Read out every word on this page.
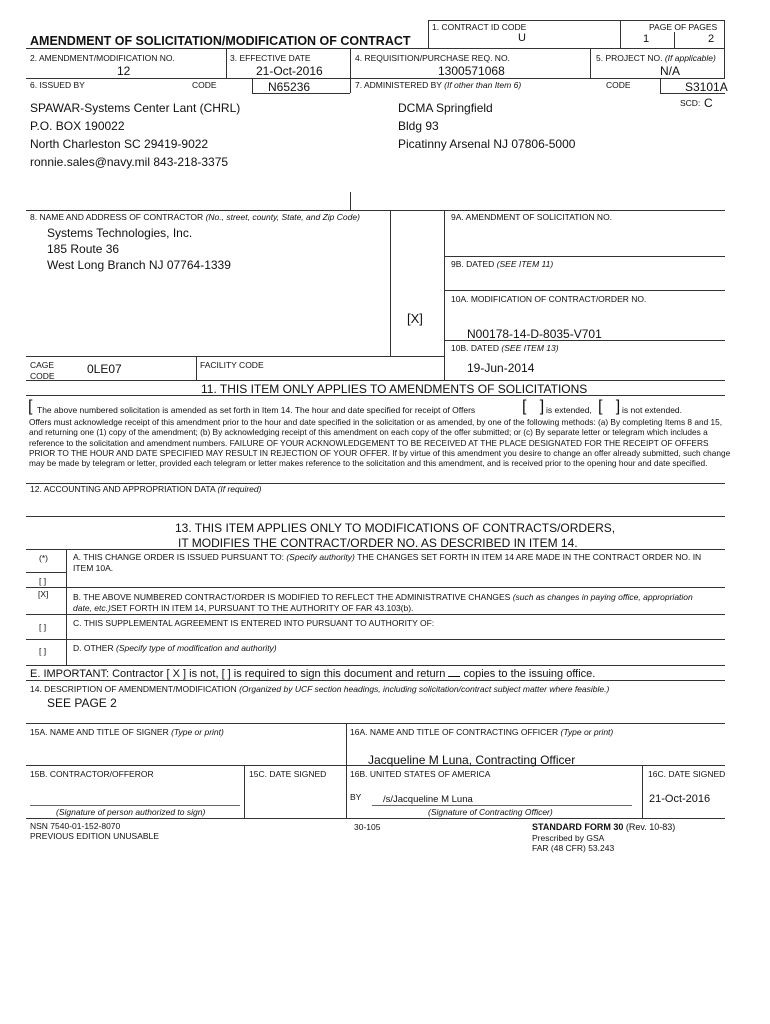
AMENDMENT OF SOLICITATION/MODIFICATION OF CONTRACT
1. CONTRACT ID CODE
U
PAGE OF PAGES
1	2
2. AMENDMENT/MODIFICATION NO.
12
3. EFFECTIVE DATE
21-Oct-2016
4. REQUISITION/PURCHASE REQ. NO.
1300571068
5. PROJECT NO. (If applicable)
N/A
6. ISSUED BY	CODE	N65236	7. ADMINISTERED BY (If other than Item 6)	CODE	S3101A
SCD: C
SPAWAR-Systems Center Lant (CHRL)
P.O. BOX 190022
North Charleston SC 29419-9022
ronnie.sales@navy.mil 843-218-3375
DCMA Springfield
Bldg 93
Picatinny Arsenal NJ 07806-5000
8. NAME AND ADDRESS OF CONTRACTOR (No., street, county, State, and Zip Code)
Systems Technologies, Inc.
185 Route 36
West Long Branch NJ 07764-1339
9A. AMENDMENT OF SOLICITATION NO.
9B. DATED (SEE ITEM 11)
10A. MODIFICATION OF CONTRACT/ORDER NO.
[X]
N00178-14-D-8035-V701
10B. DATED (SEE ITEM 13)
19-Jun-2014
CAGE
CODE	0LE07	FACILITY CODE
11. THIS ITEM ONLY APPLIES TO AMENDMENTS OF SOLICITATIONS
[ The above numbered solicitation is amended as set forth in Item 14. The hour and date specified for receipt of Offers	[   ] is extended, [   ] is not extended.
Offers must acknowledge receipt of this amendment prior to the hour and date specified in the solicitation or as amended, by one of the following methods: (a) By completing Items 8 and 15, and returning one (1) copy of the amendment; (b) By acknowledging receipt of this amendment on each copy of the offer submitted; or (c) By separate letter or telegram which includes a reference to the solicitation and amendment numbers. FAILURE OF YOUR ACKNOWLEDGEMENT TO BE RECEIVED AT THE PLACE DESIGNATED FOR THE RECEIPT OF OFFERS PRIOR TO THE HOUR AND DATE SPECIFIED MAY RESULT IN REJECTION OF YOUR OFFER. If by virtue of this amendment you desire to change an offer already submitted, such change may be made by telegram or letter, provided each telegram or letter makes reference to the solicitation and this amendment, and is received prior to the opening hour and date specified.
12. ACCOUNTING AND APPROPRIATION DATA (If required)
13. THIS ITEM APPLIES ONLY TO MODIFICATIONS OF CONTRACTS/ORDERS,
IT MODIFIES THE CONTRACT/ORDER NO. AS DESCRIBED IN ITEM 14.
(*)	A. THIS CHANGE ORDER IS ISSUED PURSUANT TO: (Specify authority) THE CHANGES SET FORTH IN ITEM 14 ARE MADE IN THE CONTRACT ORDER NO. IN
ITEM 10A.
[ ]
[X]	B. THE ABOVE NUMBERED CONTRACT/ORDER IS MODIFIED TO REFLECT THE ADMINISTRATIVE CHANGES (such as changes in paying office, appropriation
date, etc.)SET FORTH IN ITEM 14, PURSUANT TO THE AUTHORITY OF FAR 43.103(b).
[ ]	C. THIS SUPPLEMENTAL AGREEMENT IS ENTERED INTO PURSUANT TO AUTHORITY OF:
[ ]	D. OTHER (Specify type of modification and authority)
E. IMPORTANT: Contractor [ X ] is not, [ ] is required to sign this document and return copies to the issuing office.
14. DESCRIPTION OF AMENDMENT/MODIFICATION (Organized by UCF section headings, including solicitation/contract subject matter where feasible.)
SEE PAGE 2
15A. NAME AND TITLE OF SIGNER (Type or print)	16A. NAME AND TITLE OF CONTRACTING OFFICER (Type or print)
Jacqueline M Luna, Contracting Officer
15B. CONTRACTOR/OFFEROR	15C. DATE SIGNED	16B. UNITED STATES OF AMERICA	16C. DATE SIGNED
BY /s/Jacqueline M Luna	21-Oct-2016
(Signature of person authorized to sign)	(Signature of Contracting Officer)
NSN 7540-01-152-8070
PREVIOUS EDITION UNUSABLE
30-105	STANDARD FORM 30 (Rev. 10-83)
Prescribed by GSA
FAR (48 CFR) 53.243
